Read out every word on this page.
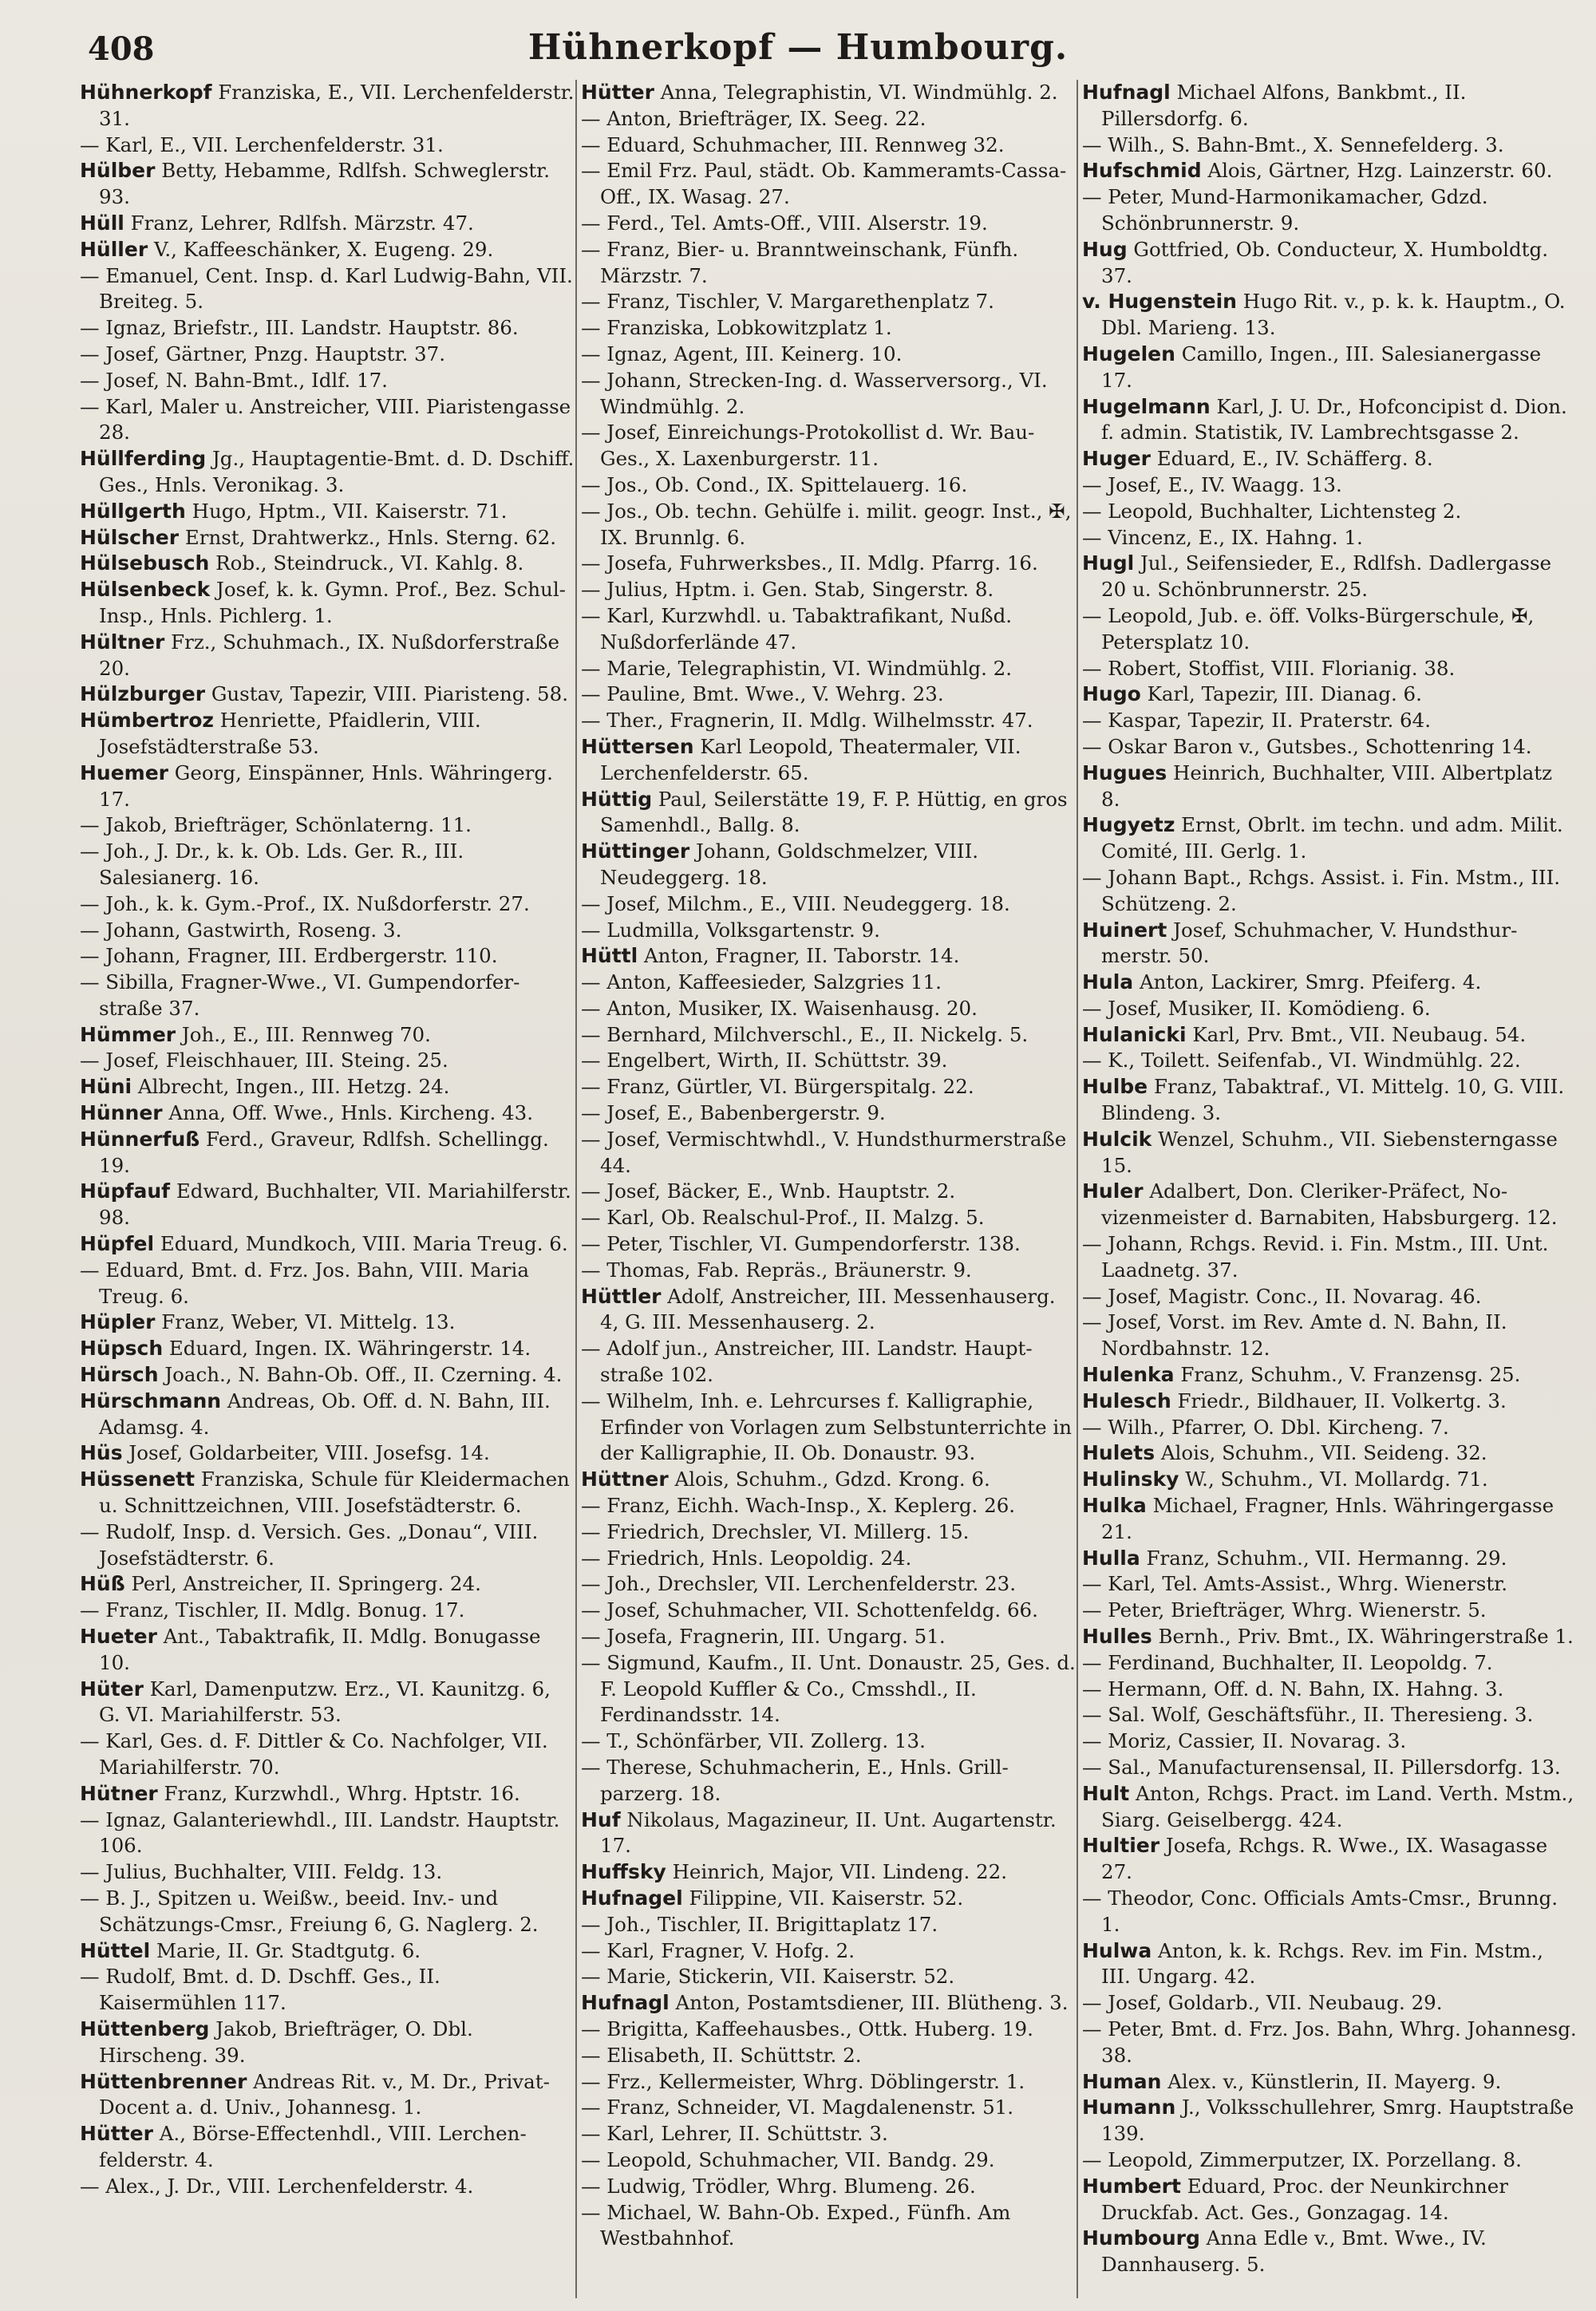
408	Hühnerkopf — Humbourg.

Hühnerkopf Franziska, E., VII. Lerchenfelderstr. 31.

— Karl, E., VII. Lerchenfelderstr. 31.

Hülber Betty, Hebamme, Rdlfsh. Schweglerstr. 93.

Hüll Franz, Lehrer, Rdlfsh. Märzstr. 47.

Hüller V., Kaffeeschänker, X. Eugeng. 29.

— Emanuel, Cent. Insp. d. Karl Ludwig-Bahn, VII. Breiteg. 5.

— Ignaz, Briefstr., III. Landstr. Hauptstr. 86.

— Josef, Gärtner, Pnzg. Hauptstr. 37.

— Josef, N. Bahn-Bmt., Idlf. 17.

— Karl, Maler u. Anstreicher, VIII. Piaristengasse 28.

Hüllferding Jg., Hauptagentie-Bmt. d. D. Dschiff. Ges., Hnls. Veronikag. 3.

Hüllgerth Hugo, Hptm., VII. Kaiserstr. 71.

Hülscher Ernst, Drahtwerkz., Hnls. Sterng. 62.

Hülsebusch Rob., Steindruck., VI. Kahlg. 8.

Hülsenbeck Josef, k. k. Gymn. Prof., Bez. Schul-Insp., Hnls. Pichlerg. 1.

Hültner Frz., Schuhmach., IX. Nußdorferstraße 20.

Hülzburger Gustav, Tapezir, VIII. Piaristeng. 58.

Hümbertroz Henriette, Pfaidlerin, VIII. Josefstädterstraße 53.

Huemer Georg, Einspänner, Hnls. Währingerg. 17.

— Jakob, Briefträger, Schönlaterng. 11.

— Joh., J. Dr., k. k. Ob. Lds. Ger. R., III. Salesianerg. 16.

— Joh., k. k. Gym.-Prof., IX. Nußdorferstr. 27.

— Johann, Gastwirth, Roseng. 3.

— Johann, Fragner, III. Erdbergerstr. 110.

— Sibilla, Fragner-Wwe., VI. Gumpendorferstraße 37.

Hümmer Joh., E., III. Rennweg 70.

— Josef, Fleischhauer, III. Steing. 25.

Hüni Albrecht, Ingen., III. Hetzg. 24.

Hünner Anna, Off. Wwe., Hnls. Kircheng. 43.

Hünnerfuß Ferd., Graveur, Rdlfsh. Schellingg. 19.

Hüpfauf Edward, Buchhalter, VII. Mariahilferstr. 98.

Hüpfel Eduard, Mundkoch, VIII. Maria Treug. 6.

— Eduard, Bmt. d. Frz. Jos. Bahn, VIII. Maria Treug. 6.

Hüpler Franz, Weber, VI. Mittelg. 13.

Hüpsch Eduard, Ingen. IX. Währingerstr. 14.

Hürsch Joach., N. Bahn-Ob. Off., II. Czerning. 4.

Hürschmann Andreas, Ob. Off. d. N. Bahn, III. Adamsg. 4.

Hüs Josef, Goldarbeiter, VIII. Josefsg. 14.

Hüssenett Franziska, Schule für Kleidermachen u. Schnittzeichnen, VIII. Josefstädterstr. 6.

— Rudolf, Insp. d. Versich. Ges. „Donau“, VIII. Josefstädterstr. 6.

Hüß Perl, Anstreicher, II. Springerg. 24.

— Franz, Tischler, II. Mdlg. Bonug. 17.

Hueter Ant., Tabaktrafik, II. Mdlg. Bonugasse 10.

Hüter Karl, Damenputzw. Erz., VI. Kaunitzg. 6, G. VI. Mariahilferstr. 53.

— Karl, Ges. d. F. Dittler & Co. Nachfolger, VII. Mariahilferstr. 70.

Hütner Franz, Kurzwhdl., Whrg. Hptstr. 16.

— Ignaz, Galanteriewhdl., III. Landstr. Hauptstr. 106.

— Julius, Buchhalter, VIII. Feldg. 13.

— B. J., Spitzen u. Weißw., beeid. Inv.- und Schätzungs-Cmsr., Freiung 6, G. Naglerg. 2.

Hüttel Marie, II. Gr. Stadtgutg. 6.

— Rudolf, Bmt. d. D. Dschff. Ges., II. Kaisermühlen 117.

Hüttenberg Jakob, Briefträger, O. Dbl. Hirscheng. 39.

Hüttenbrenner Andreas Rit. v., M. Dr., Privat-Docent a. d. Univ., Johannesg. 1.

Hütter A., Börse-Effectenhdl., VIII. Lerchenfelderstr. 4.

— Alex., J. Dr., VIII. Lerchenfelderstr. 4.

Hütter Anna, Telegraphistin, VI. Windmühlg. 2.

— Anton, Briefträger, IX. Seeg. 22.

— Eduard, Schuhmacher, III. Rennweg 32.

— Emil Frz. Paul, städt. Ob. Kammeramts-Cassa-Off., IX. Wasag. 27.

— Ferd., Tel. Amts-Off., VIII. Alserstr. 19.

— Franz, Bier- u. Branntweinschank, Fünfh. Märzstr. 7.

— Franz, Tischler, V. Margarethenplatz 7.

— Franziska, Lobkowitzplatz 1.

— Ignaz, Agent, III. Keinerg. 10.

— Johann, Strecken-Ing. d. Wasserversorg., VI. Windmühlg. 2.

— Josef, Einreichungs-Protokollist d. Wr. Bau-Ges., X. Laxenburgerstr. 11.

— Jos., Ob. Cond., IX. Spittelauerg. 16.

— Jos., Ob. techn. Gehülfe i. milit. geogr. Inst., ✠, IX. Brunnlg. 6.

— Josefa, Fuhrwerksbes., II. Mdlg. Pfarrg. 16.

— Julius, Hptm. i. Gen. Stab, Singerstr. 8.

— Karl, Kurzwhdl. u. Tabaktrafikant, Nußd. Nußdorferlände 47.

— Marie, Telegraphistin, VI. Windmühlg. 2.

— Pauline, Bmt. Wwe., V. Wehrg. 23.

— Ther., Fragnerin, II. Mdlg. Wilhelmsstr. 47.

Hüttersen Karl Leopold, Theatermaler, VII. Lerchenfelderstr. 65.

Hüttig Paul, Seilerstätte 19, F. P. Hüttig, en gros Samenhdl., Ballg. 8.

Hüttinger Johann, Goldschmelzer, VIII. Neudeggerg. 18.

— Josef, Milchm., E., VIII. Neudeggerg. 18.

— Ludmilla, Volksgartenstr. 9.

Hüttl Anton, Fragner, II. Taborstr. 14.

— Anton, Kaffeesieder, Salzgries 11.

— Anton, Musiker, IX. Waisenhausg. 20.

— Bernhard, Milchverschl., E., II. Nickelg. 5.

— Engelbert, Wirth, II. Schüttstr. 39.

— Franz, Gürtler, VI. Bürgerspitalg. 22.

— Josef, E., Babenbergerstr. 9.

— Josef, Vermischtwhdl., V. Hundsthurmerstraße 44.

— Josef, Bäcker, E., Wnb. Hauptstr. 2.

— Karl, Ob. Realschul-Prof., II. Malzg. 5.

— Peter, Tischler, VI. Gumpendorferstr. 138.

— Thomas, Fab. Repräs., Bräunerstr. 9.

Hüttler Adolf, Anstreicher, III. Messenhauserg. 4, G. III. Messenhauserg. 2.

— Adolf jun., Anstreicher, III. Landstr. Hauptstraße 102.

— Wilhelm, Inh. e. Lehrcurses f. Kalligraphie, Erfinder von Vorlagen zum Selbstunterrichte in der Kalligraphie, II. Ob. Donaustr. 93.

Hüttner Alois, Schuhm., Gdzd. Krong. 6.

— Franz, Eichh. Wach-Insp., X. Keplerg. 26.

— Friedrich, Drechsler, VI. Millerg. 15.

— Friedrich, Hnls. Leopoldig. 24.

— Joh., Drechsler, VII. Lerchenfelderstr. 23.

— Josef, Schuhmacher, VII. Schottenfeldg. 66.

— Josefa, Fragnerin, III. Ungarg. 51.

— Sigmund, Kaufm., II. Unt. Donaustr. 25, Ges. d. F. Leopold Kuffler & Co., Cmsshdl., II. Ferdinandsstr. 14.

— T., Schönfärber, VII. Zollerg. 13.

— Therese, Schuhmacherin, E., Hnls. Grillparzerg. 18.

Huf Nikolaus, Magazineur, II. Unt. Augartenstr. 17.

Huffsky Heinrich, Major, VII. Lindeng. 22.

Hufnagel Filippine, VII. Kaiserstr. 52.

— Joh., Tischler, II. Brigittaplatz 17.

— Karl, Fragner, V. Hofg. 2.

— Marie, Stickerin, VII. Kaiserstr. 52.

Hufnagl Anton, Postamtsdiener, III. Blütheng. 3.

— Brigitta, Kaffeehausbes., Ottk. Huberg. 19.

— Elisabeth, II. Schüttstr. 2.

— Frz., Kellermeister, Whrg. Döblingerstr. 1.

— Franz, Schneider, VI. Magdalenenstr. 51.

— Karl, Lehrer, II. Schüttstr. 3.

— Leopold, Schuhmacher, VII. Bandg. 29.

— Ludwig, Trödler, Whrg. Blumeng. 26.

— Michael, W. Bahn-Ob. Exped., Fünfh. Am Westbahnhof.

Hufnagl Michael Alfons, Bankbmt., II. Pillersdorfg. 6.

— Wilh., S. Bahn-Bmt., X. Sennefelderg. 3.

Hufschmid Alois, Gärtner, Hzg. Lainzerstr. 60.

— Peter, Mund-Harmonikamacher, Gdzd. Schönbrunnerstr. 9.

Hug Gottfried, Ob. Conducteur, X. Humboldtg. 37.

v. Hugenstein Hugo Rit. v., p. k. k. Hauptm., O. Dbl. Marieng. 13.

Hugelen Camillo, Ingen., III. Salesianergasse 17.

Hugelmann Karl, J. U. Dr., Hofconcipist d. Dion. f. admin. Statistik, IV. Lambrechtsgasse 2.

Huger Eduard, E., IV. Schäfferg. 8.

— Josef, E., IV. Waagg. 13.

— Leopold, Buchhalter, Lichtensteg 2.

— Vincenz, E., IX. Hahng. 1.

Hugl Jul., Seifensieder, E., Rdlfsh. Dadlergasse 20 u. Schönbrunnerstr. 25.

— Leopold, Jub. e. öff. Volks-Bürgerschule, ✠, Petersplatz 10.

— Robert, Stoffist, VIII. Florianig. 38.

Hugo Karl, Tapezir, III. Dianag. 6.

— Kaspar, Tapezir, II. Praterstr. 64.

— Oskar Baron v., Gutsbes., Schottenring 14.

Hugues Heinrich, Buchhalter, VIII. Albertplatz 8.

Hugyetz Ernst, Obrlt. im techn. und adm. Milit. Comité, III. Gerlg. 1.

— Johann Bapt., Rchgs. Assist. i. Fin. Mstm., III. Schützeng. 2.

Huinert Josef, Schuhmacher, V. Hundsthurmerstr. 50.

Hula Anton, Lackirer, Smrg. Pfeiferg. 4.

— Josef, Musiker, II. Komödieng. 6.

Hulanicki Karl, Prv. Bmt., VII. Neubaug. 54.

— K., Toilett. Seifenfab., VI. Windmühlg. 22.

Hulbe Franz, Tabaktraf., VI. Mittelg. 10, G. VIII. Blindeng. 3.

Hulcik Wenzel, Schuhm., VII. Siebensterngasse 15.

Huler Adalbert, Don. Cleriker-Präfect, Novizenmeister d. Barnabiten, Habsburgerg. 12.

— Johann, Rchgs. Revid. i. Fin. Mstm., III. Unt. Laadnetg. 37.

— Josef, Magistr. Conc., II. Novarag. 46.

— Josef, Vorst. im Rev. Amte d. N. Bahn, II. Nordbahnstr. 12.

Hulenka Franz, Schuhm., V. Franzensg. 25.

Hulesch Friedr., Bildhauer, II. Volkertg. 3.

— Wilh., Pfarrer, O. Dbl. Kircheng. 7.

Hulets Alois, Schuhm., VII. Seideng. 32.

Hulinsky W., Schuhm., VI. Mollardg. 71.

Hulka Michael, Fragner, Hnls. Währingergasse 21.

Hulla Franz, Schuhm., VII. Hermanng. 29.

— Karl, Tel. Amts-Assist., Whrg. Wienerstr.

— Peter, Briefträger, Whrg. Wienerstr. 5.

Hulles Bernh., Priv. Bmt., IX. Währingerstraße 1.

— Ferdinand, Buchhalter, II. Leopoldg. 7.

— Hermann, Off. d. N. Bahn, IX. Hahng. 3.

— Sal. Wolf, Geschäftsführ., II. Theresieng. 3.

— Moriz, Cassier, II. Novarag. 3.

— Sal., Manufacturensensal, II. Pillersdorfg. 13.

Hult Anton, Rchgs. Pract. im Land. Verth. Mstm., Siarg. Geiselbergg. 424.

Hultier Josefa, Rchgs. R. Wwe., IX. Wasagasse 27.

— Theodor, Conc. Officials Amts-Cmsr., Brunng. 1.

Hulwa Anton, k. k. Rchgs. Rev. im Fin. Mstm., III. Ungarg. 42.

— Josef, Goldarb., VII. Neubaug. 29.

— Peter, Bmt. d. Frz. Jos. Bahn, Whrg. Johannesg. 38.

Human Alex. v., Künstlerin, II. Mayerg. 9.

Humann J., Volksschullehrer, Smrg. Hauptstraße 139.

— Leopold, Zimmerputzer, IX. Porzellang. 8.

Humbert Eduard, Proc. der Neunkirchner Druckfab. Act. Ges., Gonzagag. 14.

Humbourg Anna Edle v., Bmt. Wwe., IV. Dannhauserg. 5.
